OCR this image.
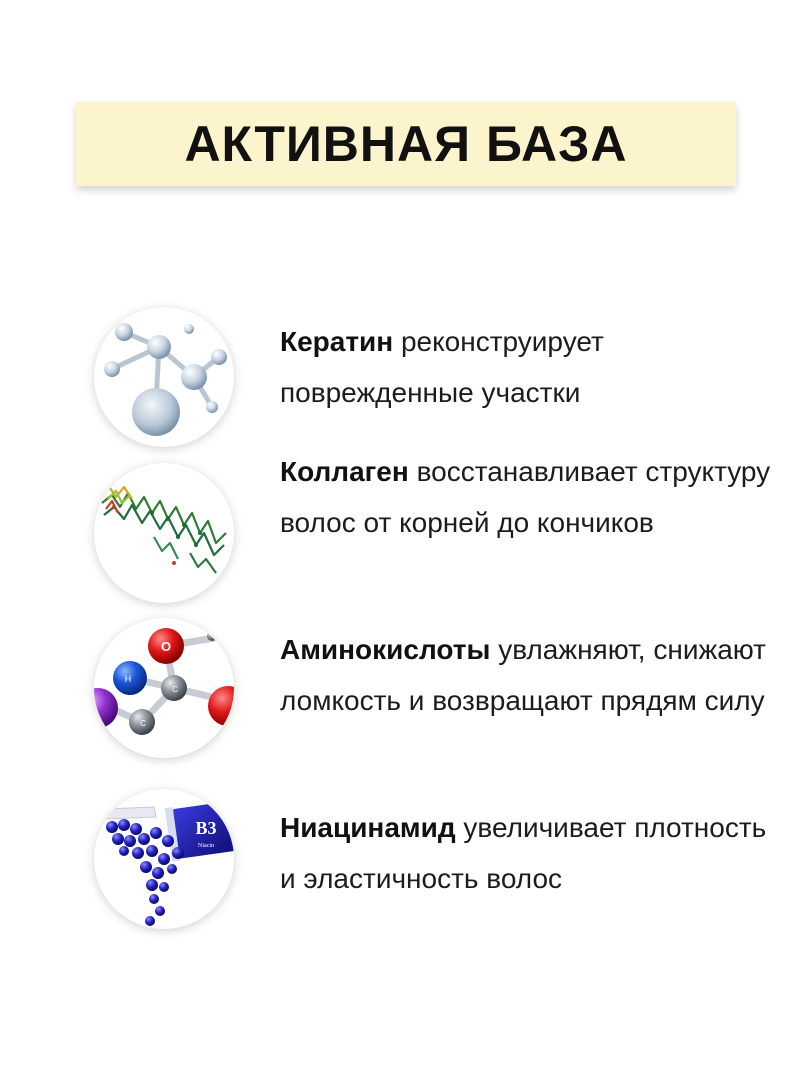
АКТИВНАЯ БАЗА
Кератин реконструирует поврежденные участки
Коллаген восстанавливает структуру волос от корней до кончиков
O
H
C
C
Аминокислоты увлажняют, снижают ломкость и возвращают прядям силу
B3
Niacin
Ниацинамид увеличивает плотность и эластичность волос
